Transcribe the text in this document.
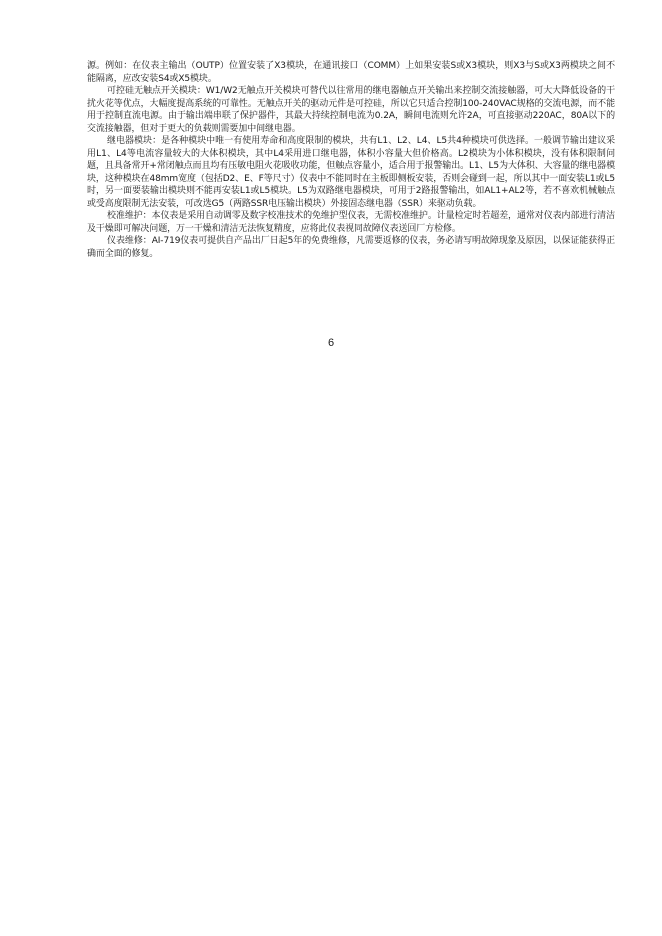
源。例如：在仪表主输出（OUTP）位置安装了X3模块，在通讯接口（COMM）上如果安装S或X3模块，则X3与S或X3两模块之间不能隔离，应改安装S4或X5模块。

可控硅无触点开关模块：W1/W2无触点开关模块可替代以往常用的继电器触点开关输出来控制交流接触器，可大大降低设备的干扰火花等优点，大幅度提高系统的可靠性。无触点开关的驱动元件是可控硅，所以它只适合控制100-240VAC规格的交流电源，而不能用于控制直流电源。由于输出端串联了保护器件，其最大持续控制电流为0.2A，瞬间电流则允许2A，可直接驱动220AC，80A以下的交流接触器，但对于更大的负载则需要加中间继电器。

继电器模块：是各种模块中唯一有使用寿命和高度限制的模块，共有L1、L2、L4、L5共4种模块可供选择。一般调节输出建议采用L1、L4等电流容量较大的大体积模块，其中L4采用进口继电器，体积小容量大但价格高。L2模块为小体积模块，没有体积限制问题，且具备常开+常闭触点而且均有压敏电阻火花吸收功能，但触点容量小，适合用于报警输出。L1、L5为大体积、大容量的继电器模块，这种模块在48mm宽度（包括D2、E、F等尺寸）仪表中不能同时在主板即侧板安装，否则会碰到一起，所以其中一面安装L1或L5时，另一面要装输出模块则不能再安装L1或L5模块。L5为双路继电器模块，可用于2路报警输出，如AL1+AL2等，若不喜欢机械触点或受高度限制无法安装，可改选G5（两路SSR电压输出模块）外接固态继电器（SSR）来驱动负载。

校准维护：本仪表是采用自动调零及数字校准技术的免维护型仪表，无需校准维护。计量检定时若超差，通常对仪表内部进行清洁及干燥即可解决问题，万一干燥和清洁无法恢复精度，应将此仪表视同故障仪表送回厂方检修。

仪表维修：AI-719仪表可提供自产品出厂日起5年的免费维修，凡需要返修的仪表，务必请写明故障现象及原因，以保证能获得正确而全面的修复。

6
